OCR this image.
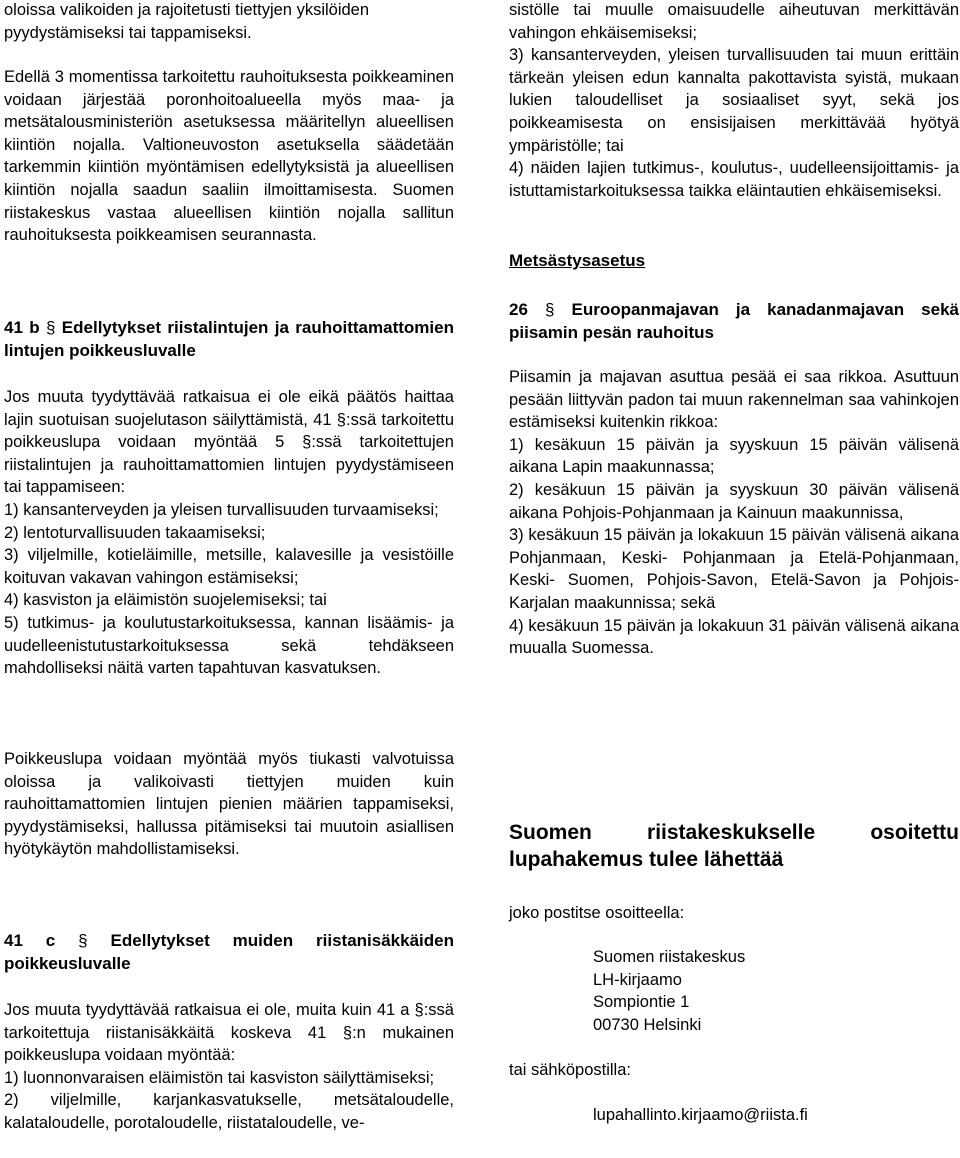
oloissa valikoiden ja rajoitetusti tiettyjen yksilöiden

pyydystämiseksi tai tappamiseksi.

Edellä 3 momentissa tarkoitettu rauhoituksesta poikkeaminen voidaan järjestää poronhoitoalueella myös maa- ja metsätalousministeriön asetuksessa määritellyn alueellisen kiintiön nojalla. Valtioneuvoston asetuksella säädetään tarkemmin kiintiön myöntämisen edellytyksistä ja alueellisen kiintiön nojalla saadun saaliin ilmoittamisesta. Suomen riistakeskus vastaa alueellisen kiintiön nojalla sallitun rauhoituksesta poikkeamisen seurannasta.

41 b § Edellytykset riistalintujen ja rauhoittamattomien lintujen poikkeusluvalle

Jos muuta tyydyttävää ratkaisua ei ole eikä päätös haittaa lajin suotuisan suojelutason säilyttämistä, 41 §:ssä tarkoitettu poikkeuslupa voidaan myöntää 5 §:ssä tarkoitettujen riistalintujen ja rauhoittamattomien lintujen pyydystämiseen tai tappamiseen:

1) kansanterveyden ja yleisen turvallisuuden turvaamiseksi;

2) lentoturvallisuuden takaamiseksi;

3) viljelmille, kotieläimille, metsille, kalavesille ja vesistöille koituvan vakavan vahingon estämiseksi;

4) kasviston ja eläimistön suojelemiseksi; tai

5) tutkimus- ja koulutustarkoituksessa, kannan lisäämis- ja uudelleenistutustarkoituksessa sekä tehdäkseen mahdolliseksi näitä varten tapahtuvan kasvatuksen.

Poikkeuslupa voidaan myöntää myös tiukasti valvotuissa oloissa ja valikoivasti tiettyjen muiden kuin rauhoittamattomien lintujen pienien määrien tappamiseksi, pyydystämiseksi, hallussa pitämiseksi tai muutoin asiallisen hyötykäytön mahdollistamiseksi.

41 c § Edellytykset muiden riistanisäkkäiden poikkeusluvalle

Jos muuta tyydyttävää ratkaisua ei ole, muita kuin 41 a §:ssä tarkoitettuja riistanisäkkäitä koskeva 41 §:n mukainen poikkeuslupa voidaan myöntää:

1) luonnonvaraisen eläimistön tai kasviston säilyttämiseksi;

2) viljelmille, karjankasvatukselle, metsätaloudelle, kalataloudelle, porotaloudelle, riistataloudelle, ve-

sistölle tai muulle omaisuudelle aiheutuvan merkittävän vahingon ehkäisemiseksi;

3) kansanterveyden, yleisen turvallisuuden tai muun erittäin tärkeän yleisen edun kannalta pakottavista syistä, mukaan lukien taloudelliset ja sosiaaliset syyt, sekä jos poikkeamisesta on ensisijaisen merkittävää hyötyä ympäristölle; tai

4) näiden lajien tutkimus-, koulutus-, uudelleensijoittamis- ja istuttamistarkoituksessa taikka eläintautien ehkäisemiseksi.

Metsästysasetus

26 § Euroopanmajavan ja kanadanmajavan sekä piisamin pesän rauhoitus

Piisamin ja majavan asuttua pesää ei saa rikkoa. Asuttuun pesään liittyvän padon tai muun rakennelman saa vahinkojen estämiseksi kuitenkin rikkoa:

1) kesäkuun 15 päivän ja syyskuun 15 päivän välisenä aikana Lapin maakunnassa;

2) kesäkuun 15 päivän ja syyskuun 30 päivän välisenä aikana Pohjois-Pohjanmaan ja Kainuun maakunnissa,

3) kesäkuun 15 päivän ja lokakuun 15 päivän välisenä aikana Pohjanmaan, Keski- Pohjanmaan ja Etelä-Pohjanmaan, Keski- Suomen, Pohjois-Savon, Etelä-Savon ja Pohjois- Karjalan maakunnissa; sekä

4) kesäkuun 15 päivän ja lokakuun 31 päivän välisenä aikana muualla Suomessa.

Suomen riistakeskukselle osoitettu lupahakemus tulee lähettää

joko postitse osoitteella:

Suomen riistakeskus

LH-kirjaamo

Sompiontie 1

00730 Helsinki

tai sähköpostilla:

lupahallinto.kirjaamo@riista.fi
